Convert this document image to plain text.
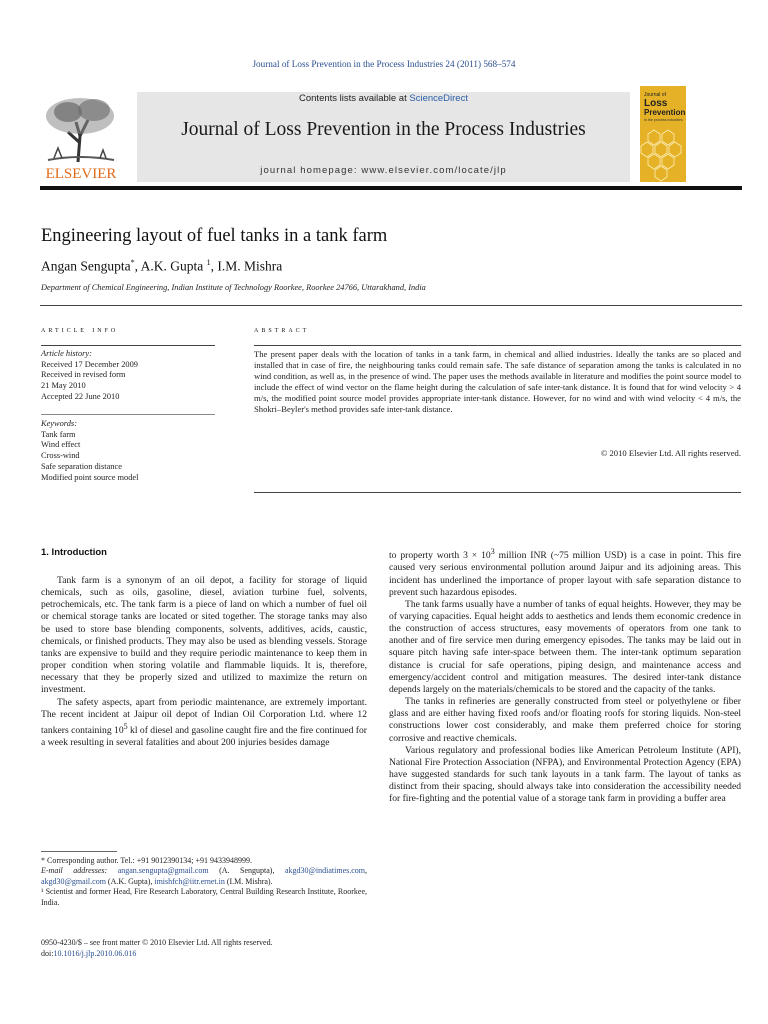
Journal of Loss Prevention in the Process Industries 24 (2011) 568–574
ELSEVIER
Contents lists available at ScienceDirect
Journal of Loss Prevention in the Process Industries
journal homepage: www.elsevier.com/locate/jlp
Journal of
Loss
Prevention
in the process industries
Engineering layout of fuel tanks in a tank farm
Angan Sengupta*, A.K. Gupta $^1$, I.M. Mishra
Department of Chemical Engineering, Indian Institute of Technology Roorkee, Roorkee 24766, Uttarakhand, India
article info
Article history:
Received 17 December 2009
Received in revised form
21 May 2010
Accepted 22 June 2010
Keywords:
Tank farm
Wind effect
Cross-wind
Safe separation distance
Modified point source model
abstract
The present paper deals with the location of tanks in a tank farm, in chemical and allied industries. Ideally the tanks are so placed and installed that in case of fire, the neighbouring tanks could remain safe. The safe distance of separation among the tanks is calculated in no wind condition, as well as, in the presence of wind. The paper uses the methods available in literature and modifies the point source model to include the effect of wind vector on the flame height during the calculation of safe inter-tank distance. It is found that for wind velocity > 4 m/s, the modified point source model provides appropriate inter-tank distance. However, for no wind and with wind velocity < 4 m/s, the Shokri–Beyler's method provides safe inter-tank distance.
© 2010 Elsevier Ltd. All rights reserved.
1. Introduction

Tank farm is a synonym of an oil depot, a facility for storage of liquid chemicals, such as oils, gasoline, diesel, aviation turbine fuel, solvents, petrochemicals, etc. The tank farm is a piece of land on which a number of fuel oil or chemical storage tanks are located or sited together. The storage tanks may also be used to store base blending components, solvents, additives, acids, caustic, chemicals, or finished products. They may also be used as blending vessels. Storage tanks are expensive to build and they require periodic maintenance to keep them in proper condition when storing volatile and flammable liquids. It is, therefore, necessary that they be properly sized and utilized to maximize the return on investment.

The safety aspects, apart from periodic maintenance, are extremely important. The recent incident at Jaipur oil depot of Indian Oil Corporation Ltd. where 12 tankers containing $10^5$ kl of diesel and gasoline caught fire and the fire continued for a week resulting in several fatalities and about 200 injuries besides damage

* Corresponding author. Tel.: +91 9012390134; +91 9433948999.
E-mail addresses: angan.sengupta@gmail.com (A. Sengupta), akgd30@indiatimes.com, akgd30@gmail.com (A.K. Gupta), imishfch@iitr.ernet.in (I.M. Mishra).
¹ Scientist and former Head, Fire Research Laboratory, Central Building Research Institute, Roorkee, India.
0950-4230/$ – see front matter © 2010 Elsevier Ltd. All rights reserved.
doi:10.1016/j.jlp.2010.06.016

to property worth $3 \times 10^3$ million INR (~75 million USD) is a case in point. This fire caused very serious environmental pollution around Jaipur and its adjoining areas. This incident has underlined the importance of proper layout with safe separation distance to prevent such hazardous episodes.

The tank farms usually have a number of tanks of equal heights. However, they may be of varying capacities. Equal height adds to aesthetics and lends them economic credence in the construction of access structures, easy movements of operators from one tank to another and of fire service men during emergency episodes. The tanks may be laid out in square pitch having safe inter-space between them. The inter-tank optimum separation distance is crucial for safe operations, piping design, and maintenance access and emergency/accident control and mitigation measures. The desired inter-tank distance depends largely on the materials/chemicals to be stored and the capacity of the tanks.

The tanks in refineries are generally constructed from steel or polyethylene or fiber glass and are either having fixed roofs and/or floating roofs for storing liquids. Non-steel constructions lower cost considerably, and make them preferred choice for storing corrosive and reactive chemicals.

Various regulatory and professional bodies like American Petroleum Institute (API), National Fire Protection Association (NFPA), and Environmental Protection Agency (EPA) have suggested standards for such tank layouts in a tank farm. The layout of tanks as distinct from their spacing, should always take into consideration the accessibility needed for fire-fighting and the potential value of a storage tank farm in providing a buffer area
